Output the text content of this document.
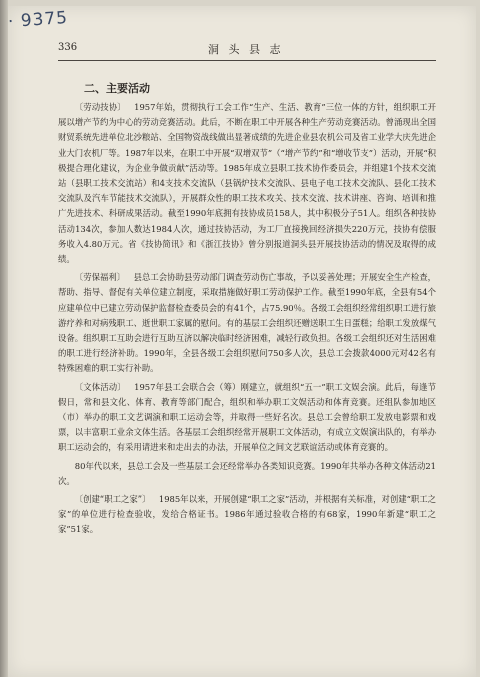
· 9375
336	洞 头 县 志
二、主要活动

〔劳动技协〕  1957年始，贯彻执行工会工作“生产、生活、教育”三位一体的方针，组织职工开展以增产节约为中心的劳动竞赛活动。此后，不断在职工中开展各种生产劳动竞赛活动。曾涌现出全国财贸系统先进单位北沙粮站、全国物资战线做出显著成绩的先进企业县农机公司及省工业学大庆先进企业大门农机厂等。1987年以来，在职工中开展“双增双节”（“增产节约”和“增收节支”）活动，开展“积极提合理化建议，为企业争做贡献”活动等。1985年成立县职工技术协作委员会，并组建1个技术交流站（县职工技术交流站）和4支技术交流队（县锅炉技术交流队、县电子电工技术交流队、县化工技术交流队及汽车节能技术交流队），开展群众性的职工技术攻关、技术交流、技术讲座、咨询、培训和推广先进技术、科研成果活动。截至1990年底拥有技协成员158人，其中积极分子51人。组织各种技协活动134次，参加人数达1984人次，通过技协活动，为工厂直接挽回经济损失220万元，技协有偿服务收入4.80万元。省《技协简讯》和《浙江技协》曾分别报道洞头县开展技协活动的情况及取得的成绩。

〔劳保福利〕  县总工会协助县劳动部门调查劳动伤亡事故，予以妥善处理；开展安全生产检查，帮助、指导、督促有关单位建立制度，采取措施做好职工劳动保护工作。截至1990年底，全县有54个应建单位中已建立劳动保护监督检查委员会的有41个，占75.90％。各级工会组织经常组织职工进行旅游疗养和对病残职工、逝世职工家属的慰问。有的基层工会组织还赠送职工生日蛋糕；给职工发放煤气设备。组织职工互助会进行互助互济以解决临时经济困难，减轻行政负担。各级工会组织还对生活困难的职工进行经济补助。1990年，全县各级工会组织慰问750多人次，县总工会拨款4000元对42名有特殊困难的职工实行补助。

〔文体活动〕  1957年县工会联合会（筹）刚建立，就组织“五一”职工文娱会演。此后，每逢节假日，常和县文化、体育、教育等部门配合，组织和举办职工文娱活动和体育竞赛。还组队参加地区（市）举办的职工文艺调演和职工运动会等，并取得一些好名次。县总工会曾给职工发放电影票和戏票，以丰富职工业余文体生活。各基层工会组织经常开展职工文体活动，有成立文娱演出队的，有举办职工运动会的，有采用请进来和走出去的办法，开展单位之间文艺联谊活动或体育竞赛的。

80年代以来，县总工会及一些基层工会还经常举办各类知识竞赛。1990年共举办各种文体活动21次。

〔创建“职工之家”〕  1985年以来，开展创建“职工之家”活动，并根据有关标准，对创建“职工之家”的单位进行检查验收，发给合格证书。1986年通过验收合格的有68家，1990年新建“职工之家”51家。
